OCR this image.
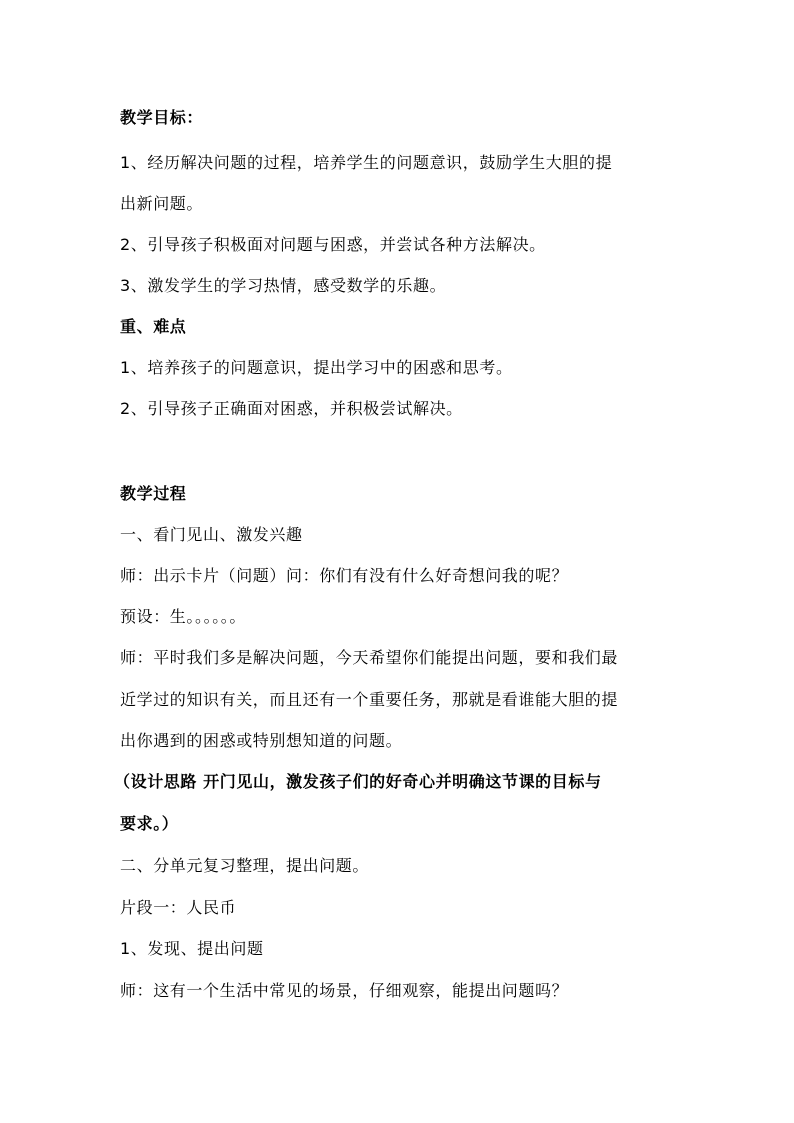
教学目标：
1、经历解决问题的过程，培养学生的问题意识，鼓励学生大胆的提
出新问题。
2、引导孩子积极面对问题与困惑，并尝试各种方法解决。
3、激发学生的学习热情，感受数学的乐趣。
重、难点
1、培养孩子的问题意识，提出学习中的困惑和思考。
2、引导孩子正确面对困惑，并积极尝试解决。
教学过程
一、看门见山、激发兴趣
师：出示卡片（问题）问：你们有没有什么好奇想问我的呢？
预设：生。。。。。。
师：平时我们多是解决问题，今天希望你们能提出问题，要和我们最
近学过的知识有关，而且还有一个重要任务，那就是看谁能大胆的提
出你遇到的困惑或特别想知道的问题。
（设计思路 开门见山，激发孩子们的好奇心并明确这节课的目标与
要求。）
二、分单元复习整理，提出问题。
片段一：人民币
1、发现、提出问题
师：这有一个生活中常见的场景，仔细观察，能提出问题吗？
